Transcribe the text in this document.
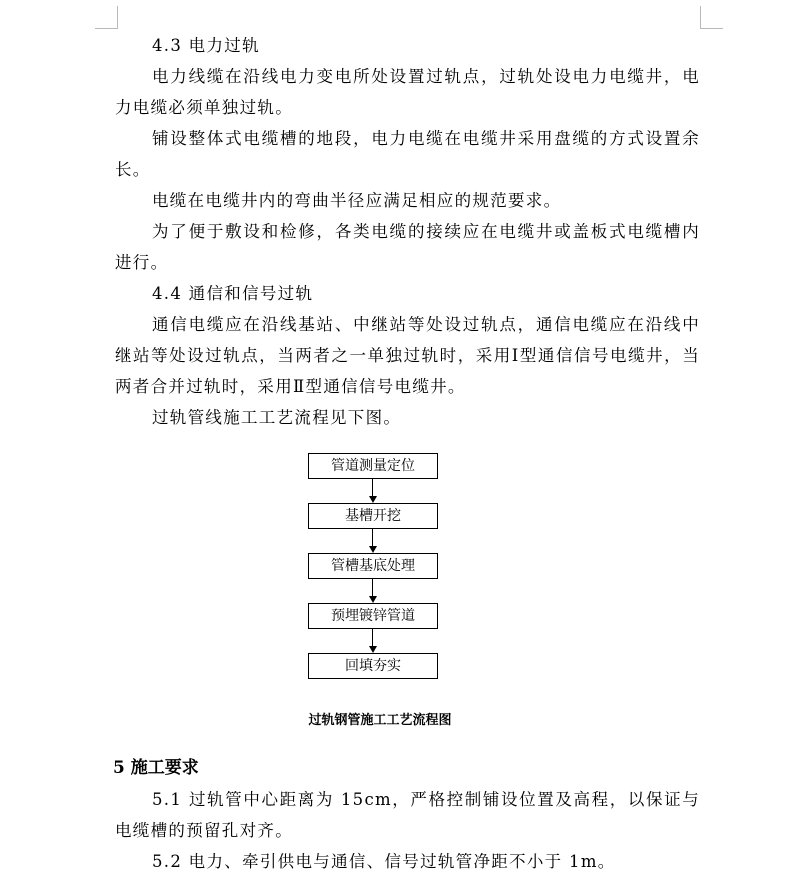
4.3 电力过轨

电力线缆在沿线电力变电所处设置过轨点，过轨处设电力电缆井，电力电缆必须单独过轨。

铺设整体式电缆槽的地段，电力电缆在电缆井采用盘缆的方式设置余长。

电缆在电缆井内的弯曲半径应满足相应的规范要求。

为了便于敷设和检修，各类电缆的接续应在电缆井或盖板式电缆槽内进行。

4.4 通信和信号过轨

通信电缆应在沿线基站、中继站等处设过轨点，通信电缆应在沿线中继站等处设过轨点，当两者之一单独过轨时，采用Ⅰ型通信信号电缆井，当两者合并过轨时，采用Ⅱ型通信信号电缆井。

过轨管线施工工艺流程见下图。

管道测量定位
基槽开挖
管槽基底处理
预埋镀锌管道
回填夯实
过轨钢管施工工艺流程图
5 施工要求

5.1 过轨管中心距离为 15cm，严格控制铺设位置及高程，以保证与电缆槽的预留孔对齐。

5.2 电力、牵引供电与通信、信号过轨管净距不小于 1m。
